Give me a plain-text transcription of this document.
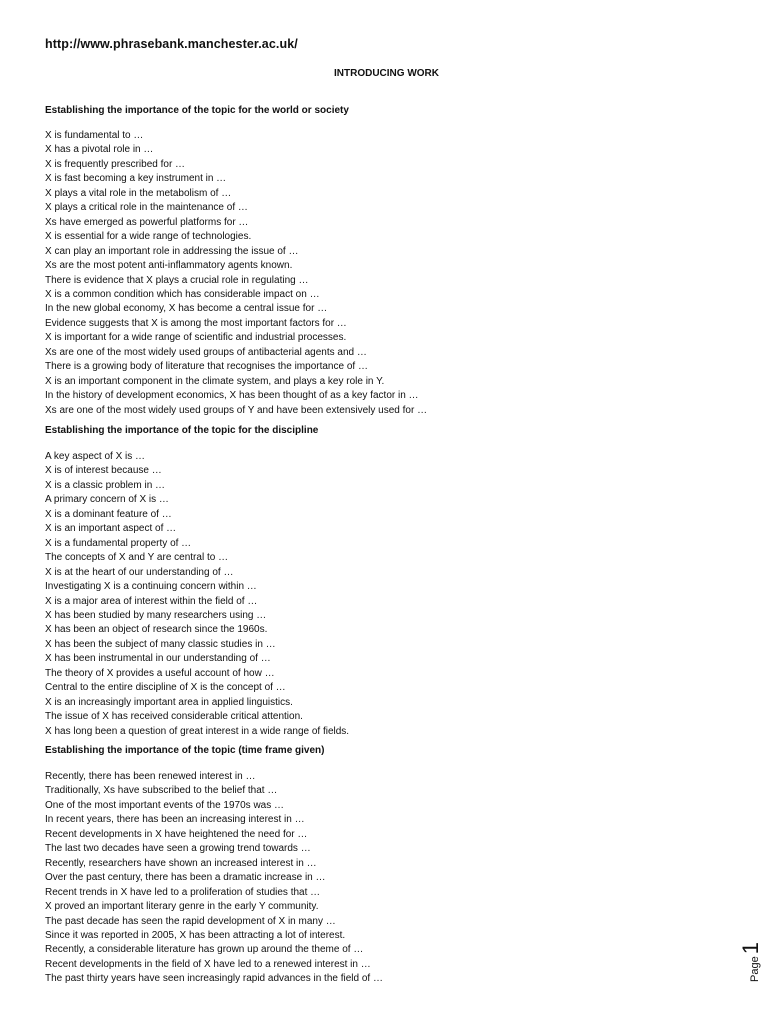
http://www.phrasebank.manchester.ac.uk/
INTRODUCING WORK
Establishing the importance of the topic for the world or society
X is fundamental to …
X has a pivotal role in …
X is frequently prescribed for …
X is fast becoming a key instrument in …
X plays a vital role in the metabolism of …
X plays a critical role in the maintenance of …
Xs have emerged as powerful platforms for …
X is essential for a wide range of technologies.
X can play an important role in addressing the issue of …
Xs are the most potent anti-inflammatory agents known.
There is evidence that X plays a crucial role in regulating …
X is a common condition which has considerable impact on …
In the new global economy, X has become a central issue for …
Evidence suggests that X is among the most important factors for …
X is important for a wide range of scientific and industrial processes.
Xs are one of the most widely used groups of antibacterial agents and …
There is a growing body of literature that recognises the importance of …
X is an important component in the climate system, and plays a key role in Y.
In the history of development economics, X has been thought of as a key factor in …
Xs are one of the most widely used groups of Y and have been extensively used for …
Establishing the importance of the topic for the discipline
A key aspect of X is …
X is of interest because …
X is a classic problem in …
A primary concern of X is …
X is a dominant feature of …
X is an important aspect of …
X is a fundamental property of …
The concepts of X and Y are central to …
X is at the heart of our understanding of …
Investigating X is a continuing concern within …
X is a major area of interest within the field of …
X has been studied by many researchers using …
X has been an object of research since the 1960s.
X has been the subject of many classic studies in …
X has been instrumental in our understanding of …
The theory of X provides a useful account of how …
Central to the entire discipline of X is the concept of …
X is an increasingly important area in applied linguistics.
The issue of X has received considerable critical attention.
X has long been a question of great interest in a wide range of fields.
Establishing the importance of the topic (time frame given)
Recently, there has been renewed interest in …
Traditionally, Xs have subscribed to the belief that …
One of the most important events of the 1970s was …
In recent years, there has been an increasing interest in …
Recent developments in X have heightened the need for …
The last two decades have seen a growing trend towards …
Recently, researchers have shown an increased interest in …
Over the past century, there has been a dramatic increase in …
Recent trends in X have led to a proliferation of studies that …
X proved an important literary genre in the early Y community.
The past decade has seen the rapid development of X in many …
Since it was reported in 2005, X has been attracting a lot of interest.
Recently, a considerable literature has grown up around the theme of …
Recent developments in the field of X have led to a renewed interest in …
The past thirty years have seen increasingly rapid advances in the field of …	Page
1
